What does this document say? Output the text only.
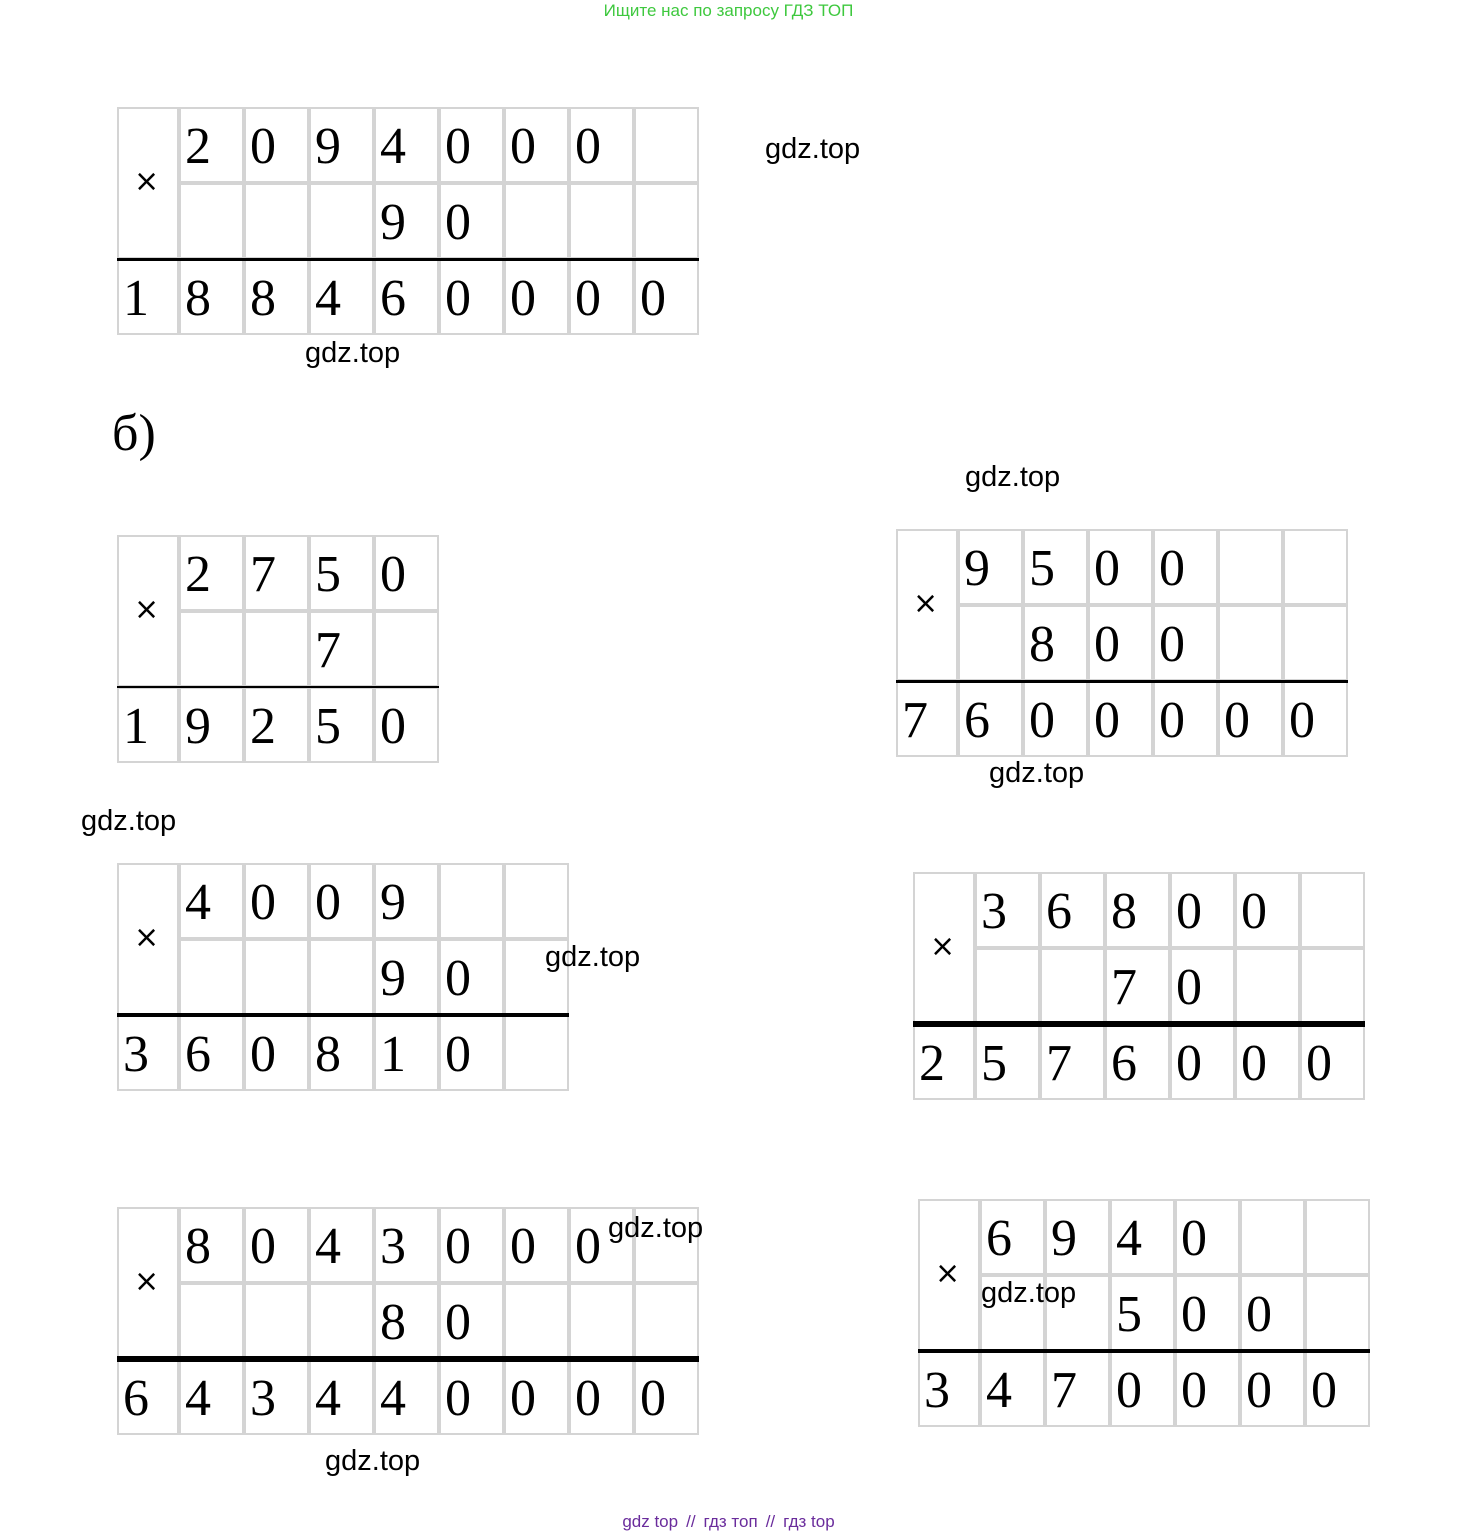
Ищите нас по запросу ГДЗ ТОП
×
2 0 9 4 0 0 0
9 0
1 8 8 4 6 0 0 0 0
б)
×
2 7 5 0
7
1 9 2 5 0
×
9 5 0 0
8 0 0
7 6 0 0 0 0 0
×
4 0 0 9
9 0
3 6 0 8 1 0
×
3 6 8 0 0
7 0
2 5 7 6 0 0 0
×
8 0 4 3 0 0 0
8 0
6 4 3 4 4 0 0 0 0
×
6 9 4 0
5 0 0
3 4 7 0 0 0 0
gdz.top
gdz.top
gdz.top
gdz.top
gdz.top
gdz.top
gdz.top
gdz.top
gdz.top
gdz top // гдз топ // гдз top
